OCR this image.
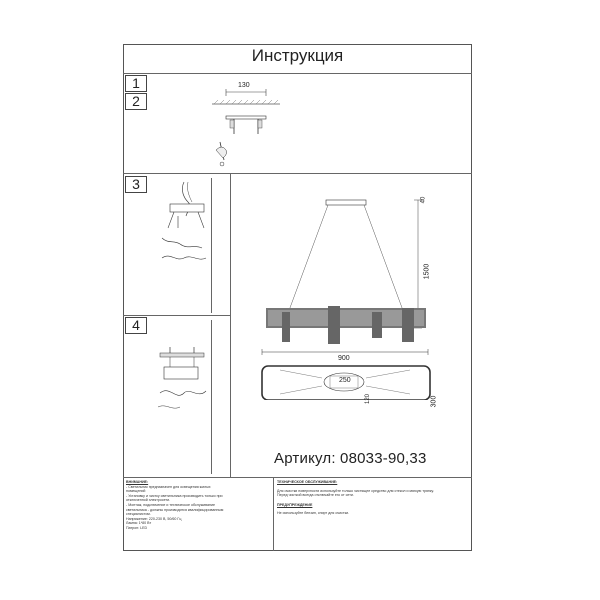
Инструкция
1
2
3
4
130
40
1500
900
250
120	300
Артикул: 08033-90,33
ВНИМАНИЕ:
- Светильник предназначен для освещения жилых
помещений
- Установку и чистку светильника производить только при
отключенной электросети.
- Монтаж, подключение и техническое обслуживание
светильника - должны производится квалифицированным
специалистом.
Напряжение: 220-230 В, 50/60 Гц
Лампа: 1*80 Вт
Патрон: LED
ТЕХНИЧЕСКОЕ ОБСЛУЖИВАНИЕ:
Для очистки поверхности используйте только чистящее средство для стекол и мягкую тряпку.
Перед чисткой всегда отключайте его от сети.
ПРЕДУПРЕЖДЕНИЕ
Не используйте бензин, спирт для очистки.
